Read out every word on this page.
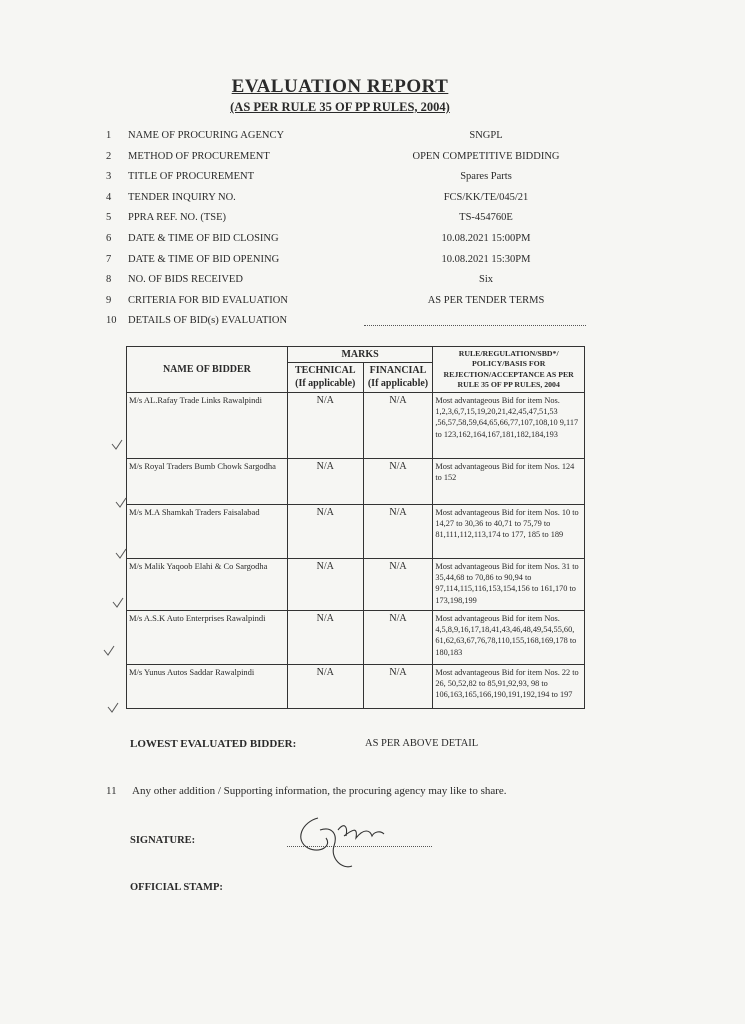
EVALUATION REPORT
(AS PER RULE 35 OF PP RULES, 2004)
1	NAME OF PROCURING AGENCY	SNGPL
2	METHOD OF PROCUREMENT	OPEN COMPETITIVE BIDDING
3	TITLE OF PROCUREMENT	Spares Parts
4	TENDER INQUIRY NO.	FCS/KK/TE/045/21
5	PPRA REF. NO. (TSE)	TS-454760E
6	DATE & TIME OF BID CLOSING	10.08.2021 15:00PM
7	DATE & TIME OF BID OPENING	10.08.2021 15:30PM
8	NO. OF BIDS RECEIVED	Six
9	CRITERIA FOR BID EVALUATION	AS PER TENDER TERMS
10	DETAILS OF BID(s) EVALUATION
NAME OF BIDDER	MARKS		RULE/REGULATION/SBD*/ POLICY/BASIS FOR REJECTION/ACCEPTANCE AS PER RULE 35 OF PP RULES, 2004
	TECHNICAL (If applicable)	FINANCIAL (If applicable)	
M/s AL.Rafay Trade Links Rawalpindi	N/A	N/A	Most advantageous Bid for item Nos. 1,2,3,6,7,15,19,20,21,42,45,47,51,53 ,56,57,58,59,64,65,66,77,107,108,10 9,117 to 123,162,164,167,181,182,184,193
M/s Royal Traders Bumb Chowk Sargodha	N/A	N/A	Most advantageous Bid for item Nos. 124 to 152
M/s M.A Shamkah Traders Faisalabad	N/A	N/A	Most advantageous Bid for item Nos. 10 to 14,27 to 30,36 to 40,71 to 75,79 to 81,111,112,113,174 to 177, 185 to 189
M/s Malik Yaqoob Elahi & Co Sargodha	N/A	N/A	Most advantageous Bid for item Nos. 31 to 35,44,68 to 70,86 to 90,94 to 97,114,115,116,153,154,156 to 161,170 to 173,198,199
M/s A.S.K Auto Enterprises Rawalpindi	N/A	N/A	Most advantageous Bid for item Nos. 4,5,8,9,16,17,18,41,43,46,48,49,54,55,60, 61,62,63,67,76,78,110,155,168,169,178 to 180,183
M/s Yunus Autos Saddar Rawalpindi	N/A	N/A	Most advantageous Bid for item Nos. 22 to 26, 50,52,82 to 85,91,92,93, 98 to 106,163,165,166,190,191,192,194 to 197
LOWEST EVALUATED BIDDER:	AS PER ABOVE DETAIL
11 Any other addition / Supporting information, the procuring agency may like to share.
SIGNATURE:
OFFICIAL STAMP:
